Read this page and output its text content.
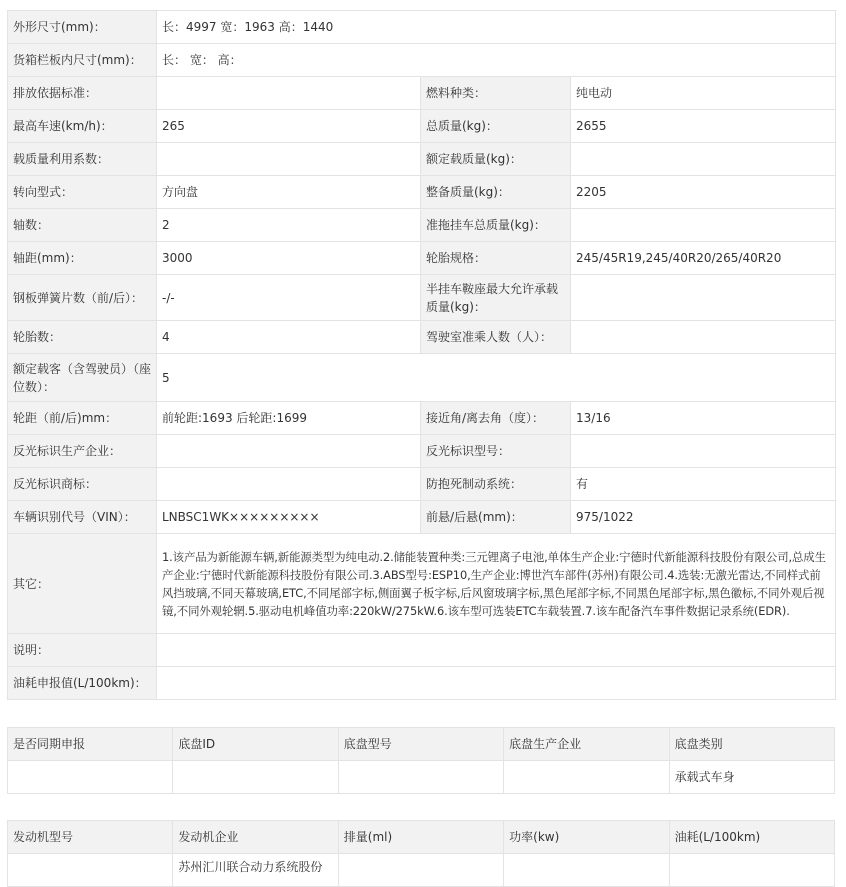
外形尺寸(mm)：	长：4997 宽：1963 高：1440		
货箱栏板内尺寸(mm)：	长： 宽： 高：		
排放依据标准：		燃料种类：	纯电动
最高车速(km/h)：	265	总质量(kg)：	2655
载质量利用系数：		额定载质量(kg)：	
转向型式：	方向盘	整备质量(kg)：	2205
轴数：	2	准拖挂车总质量(kg)：	
轴距(mm)：	3000	轮胎规格：	245/45R19,245/40R20/265/40R20
钢板弹簧片数（前/后）：	-/-	半挂车鞍座最大允许承载质量(kg)：	
轮胎数：	4	驾驶室准乘人数（人）：	
额定载客（含驾驶员）（座位数）：	5		
轮距（前/后)mm：	前轮距:1693 后轮距:1699	接近角/离去角（度）：	13/16
反光标识生产企业：		反光标识型号：	
反光标识商标：		防抱死制动系统：	有
车辆识别代号（VIN）：	LNBSC1WK×××××××××	前悬/后悬(mm)：	975/1022
其它：	1.该产品为新能源车辆,新能源类型为纯电动.2.储能装置种类:三元锂离子电池,单体生产企业:宁德时代新能源科技股份有限公司,总成生产企业:宁德时代新能源科技股份有限公司.3.ABS型号:ESP10,生产企业:博世汽车部件(苏州)有限公司.4.选装:无激光雷达,不同样式前风挡玻璃,不同天幕玻璃,ETC,不同尾部字标,侧面翼子板字标,后风窗玻璃字标,黑色尾部字标,不同黑色尾部字标,黑色徽标,不同外观后视镜,不同外观轮辋.5.驱动电机峰值功率:220kW/275kW.6.该车型可选装ETC车载装置.7.该车配备汽车事件数据记录系统(EDR).		
说明：			
油耗申报值(L/100km)：			
是否同期申报	底盘ID	底盘型号	底盘生产企业	底盘类别
				承载式车身
发动机型号	发动机企业	排量(ml)	功率(kw)	油耗(L/100km)
	苏州汇川联合动力系统股份			
